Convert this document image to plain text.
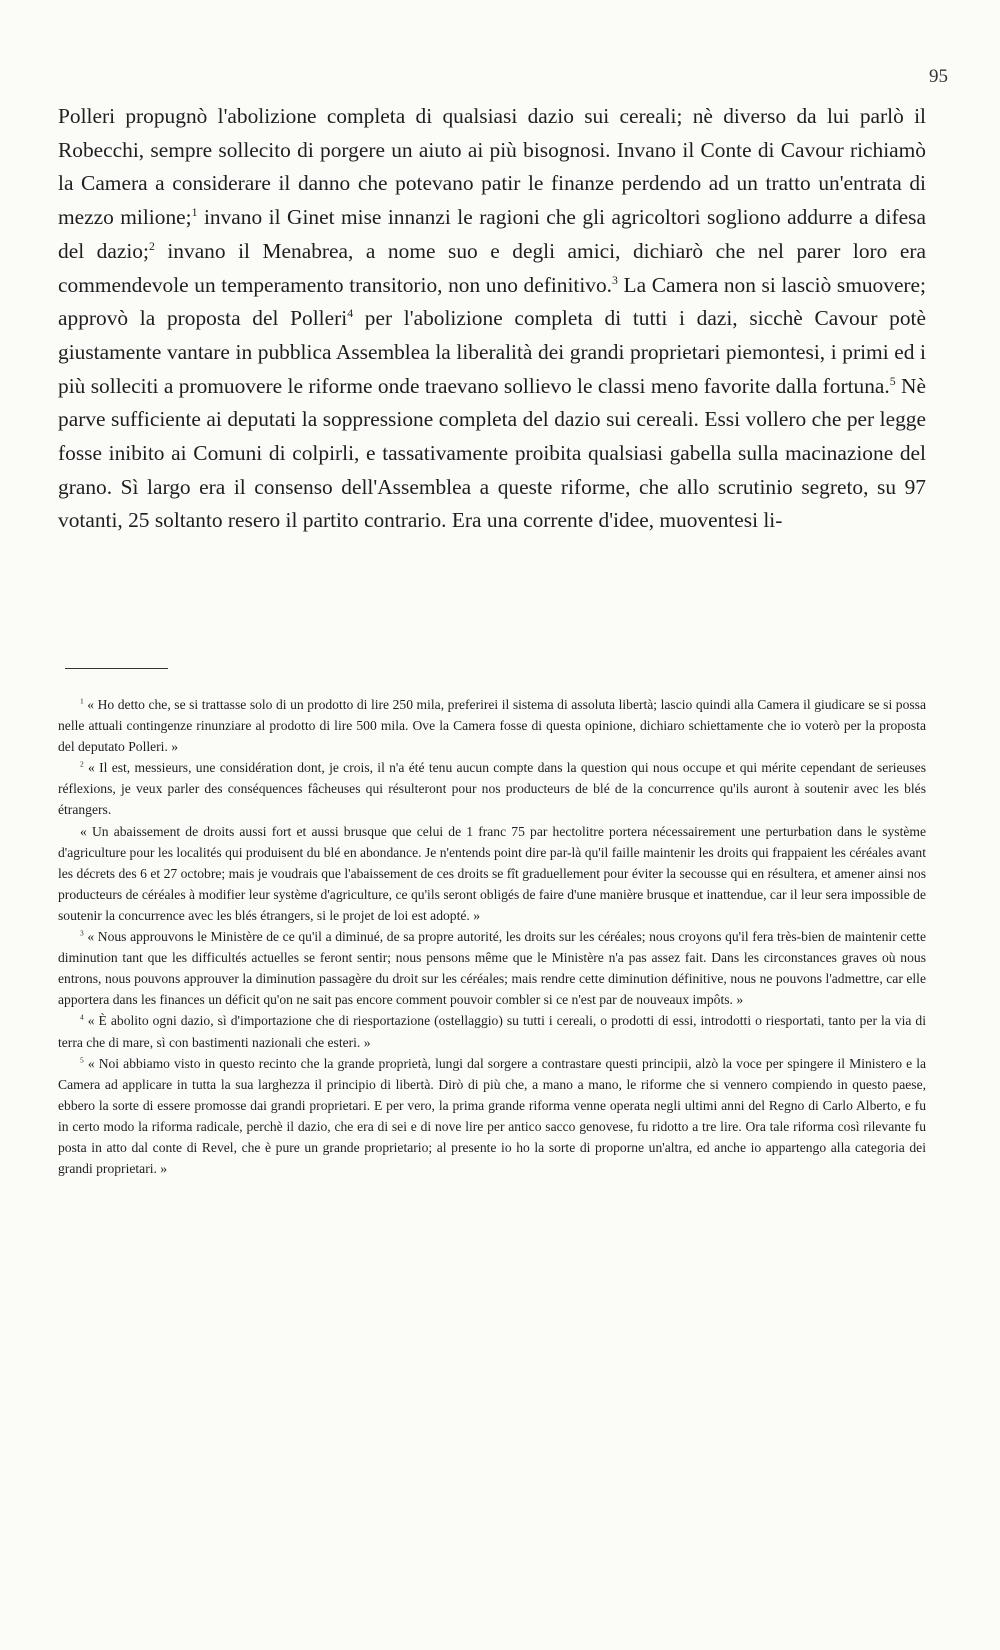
95

Polleri propugnò l'abolizione completa di qualsiasi dazio sui cereali; nè diverso da lui parlò il Robecchi, sempre sollecito di porgere un aiuto ai più bisognosi. Invano il Conte di Cavour richiamò la Camera a considerare il danno che potevano patir le finanze perdendo ad un tratto un'entrata di mezzo milione;$^1$ invano il Ginet mise innanzi le ragioni che gli agricoltori sogliono addurre a difesa del dazio;$^2$ invano il Menabrea, a nome suo e degli amici, dichiarò che nel parer loro era commendevole un temperamento transitorio, non uno definitivo.$^3$ La Camera non si lasciò smuovere; approvò la proposta del Polleri$^4$ per l'abolizione completa di tutti i dazi, sicchè Cavour potè giustamente vantare in pubblica Assemblea la liberalità dei grandi proprietari piemontesi, i primi ed i più solleciti a promuovere le riforme onde traevano sollievo le classi meno favorite dalla fortuna.$^5$ Nè parve sufficiente ai deputati la soppressione completa del dazio sui cereali. Essi vollero che per legge fosse inibito ai Comuni di colpirli, e tassativamente proibita qualsiasi gabella sulla macinazione del grano. Sì largo era il consenso dell'Assemblea a queste riforme, che allo scrutinio segreto, su 97 votanti, 25 soltanto resero il partito contrario. Era una corrente d'idee, muoventesi li-

$^1$ « Ho detto che, se si trattasse solo di un prodotto di lire 250 mila, preferirei il sistema di assoluta libertà; lascio quindi alla Camera il giudicare se si possa nelle attuali contingenze rinunziare al prodotto di lire 500 mila. Ove la Camera fosse di questa opinione, dichiaro schiettamente che io voterò per la proposta del deputato Polleri. »

$^2$ « Il est, messieurs, une considération dont, je crois, il n'a été tenu aucun compte dans la question qui nous occupe et qui mérite cependant de serieuses réflexions, je veux parler des conséquences fâcheuses qui résulteront pour nos producteurs de blé de la concurrence qu'ils auront à soutenir avec les blés étrangers.

« Un abaissement de droits aussi fort et aussi brusque que celui de 1 franc 75 par hectolitre portera nécessairement une perturbation dans le système d'agriculture pour les localités qui produisent du blé en abondance. Je n'entends point dire par-là qu'il faille maintenir les droits qui frappaient les céréales avant les décrets des 6 et 27 octobre; mais je voudrais que l'abaissement de ces droits se fît graduellement pour éviter la secousse qui en résultera, et amener ainsi nos producteurs de céréales à modifier leur système d'agriculture, ce qu'ils seront obligés de faire d'une manière brusque et inattendue, car il leur sera impossible de soutenir la concurrence avec les blés étrangers, si le projet de loi est adopté. »

$^3$ « Nous approuvons le Ministère de ce qu'il a diminué, de sa propre autorité, les droits sur les céréales; nous croyons qu'il fera très-bien de maintenir cette diminution tant que les difficultés actuelles se feront sentir; nous pensons même que le Ministère n'a pas assez fait. Dans les circonstances graves où nous entrons, nous pouvons approuver la diminution passagère du droit sur les céréales; mais rendre cette diminution définitive, nous ne pouvons l'admettre, car elle apportera dans les finances un déficit qu'on ne sait pas encore comment pouvoir combler si ce n'est par de nouveaux impôts. »

$^4$ « È abolito ogni dazio, sì d'importazione che di riesportazione (ostellaggio) su tutti i cereali, o prodotti di essi, introdotti o riesportati, tanto per la via di terra che di mare, sì con bastimenti nazionali che esteri. »

$^5$ « Noi abbiamo visto in questo recinto che la grande proprietà, lungi dal sorgere a contrastare questi principii, alzò la voce per spingere il Ministero e la Camera ad applicare in tutta la sua larghezza il principio di libertà. Dirò di più che, a mano a mano, le riforme che si vennero compiendo in questo paese, ebbero la sorte di essere promosse dai grandi proprietari. E per vero, la prima grande riforma venne operata negli ultimi anni del Regno di Carlo Alberto, e fu in certo modo la riforma radicale, perchè il dazio, che era di sei e di nove lire per antico sacco genovese, fu ridotto a tre lire. Ora tale riforma così rilevante fu posta in atto dal conte di Revel, che è pure un grande proprietario; al presente io ho la sorte di proporne un'altra, ed anche io appartengo alla categoria dei grandi proprietari. »
